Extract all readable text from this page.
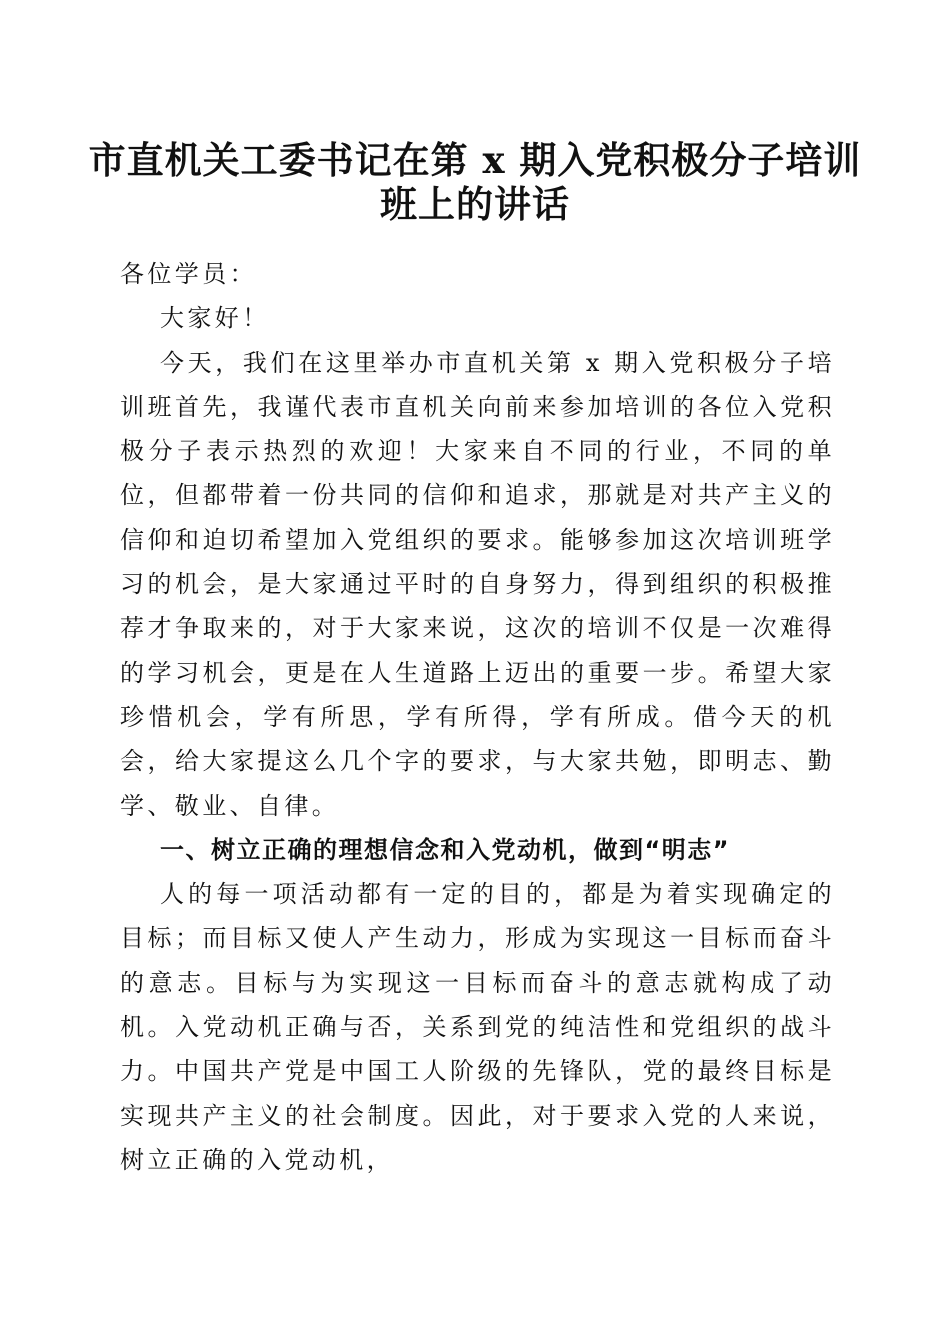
市直机关工委书记在第 x 期入党积极分子培训
班上的讲话

各位学员：

大家好！

今天，我们在这里举办市直机关第 x 期入党积极分子培训班首先，我谨代表市直机关向前来参加培训的各位入党积极分子表示热烈的欢迎！大家来自不同的行业，不同的单位，但都带着一份共同的信仰和追求，那就是对共产主义的信仰和迫切希望加入党组织的要求。能够参加这次培训班学习的机会，是大家通过平时的自身努力，得到组织的积极推荐才争取来的，对于大家来说，这次的培训不仅是一次难得的学习机会，更是在人生道路上迈出的重要一步。希望大家珍惜机会，学有所思，学有所得，学有所成。借今天的机会，给大家提这么几个字的要求，与大家共勉，即明志、勤学、敬业、自律。

一、树立正确的理想信念和入党动机，做到“明志”

人的每一项活动都有一定的目的，都是为着实现确定的目标；而目标又使人产生动力，形成为实现这一目标而奋斗的意志。目标与为实现这一目标而奋斗的意志就构成了动机。入党动机正确与否，关系到党的纯洁性和党组织的战斗力。中国共产党是中国工人阶级的先锋队，党的最终目标是实现共产主义的社会制度。因此，对于要求入党的人来说，树立正确的入党动机，
